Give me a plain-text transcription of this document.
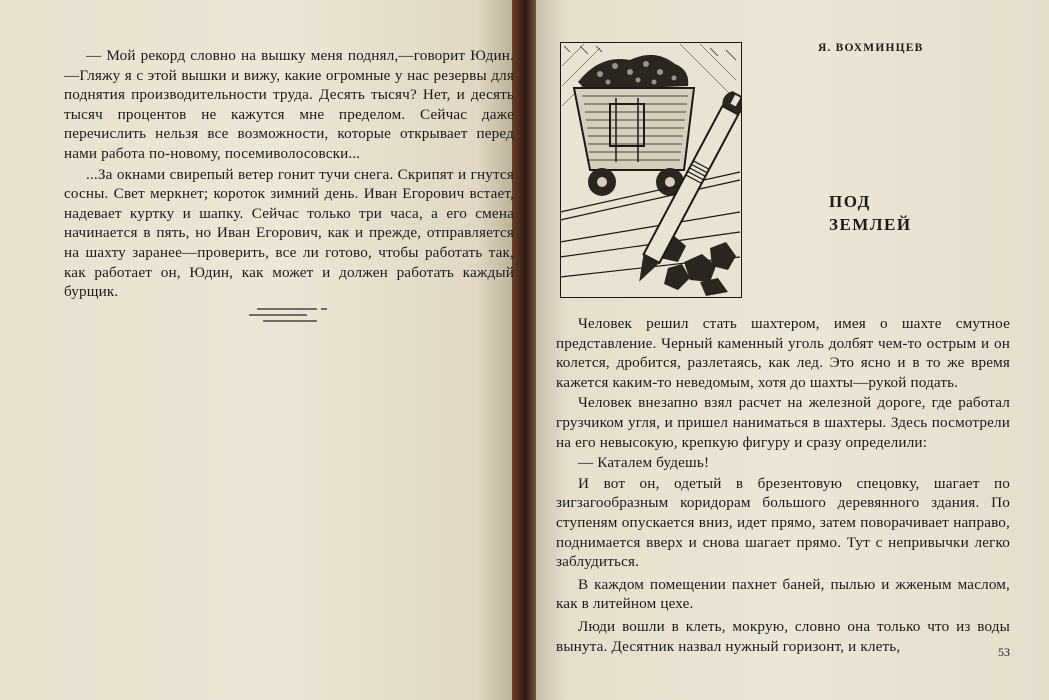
— Мой рекорд словно на вышку меня поднял,—говорит Юдин.—Гляжу я с этой вышки и вижу, какие огромные у нас резервы для поднятия производительности труда. Десять тысяч? Нет, и десять тысяч процентов не кажутся мне пределом. Сейчас даже перечислить нельзя все возможности, которые открывает перед нами работа по-новому, посемиволосовски...

...За окнами свирепый ветер гонит тучи снега. Скрипят и гнутся сосны. Свет меркнет; короток зимний день. Иван Егорович встает, надевает куртку и шапку. Сейчас только три часа, а его смена начинается в пять, но Иван Егорович, как и прежде, отправляется на шахту заранее—проверить, все ли готово, чтобы работать так, как работает он, Юдин, как может и должен работать каждый бурщик.

Я. ВОХМИНЦЕВ
ПОД
ЗЕМЛЕЙ

Человек решил стать шахтером, имея о шахте смутное представление. Черный каменный уголь долбят чем-то острым и он колется, дробится, разлетаясь, как лед. Это ясно и в то же время кажется каким-то неведомым, хотя до шахты—рукой подать.

Человек внезапно взял расчет на железной дороге, где работал грузчиком угля, и пришел наниматься в шахтеры. Здесь посмотрели на его невысокую, крепкую фигуру и сразу определили:

— Каталем будешь!

И вот он, одетый в брезентовую спецовку, шагает по зигзагообразным коридорам большого деревянного здания. По ступеням опускается вниз, идет прямо, затем поворачивает направо, поднимается вверх и снова шагает прямо. Тут с непривычки легко заблудиться.

В каждом помещении пахнет баней, пылью и жженым маслом, как в литейном цехе.

Люди вошли в клеть, мокрую, словно она только что из воды вынута. Десятник назвал нужный горизонт, и клеть,	53
